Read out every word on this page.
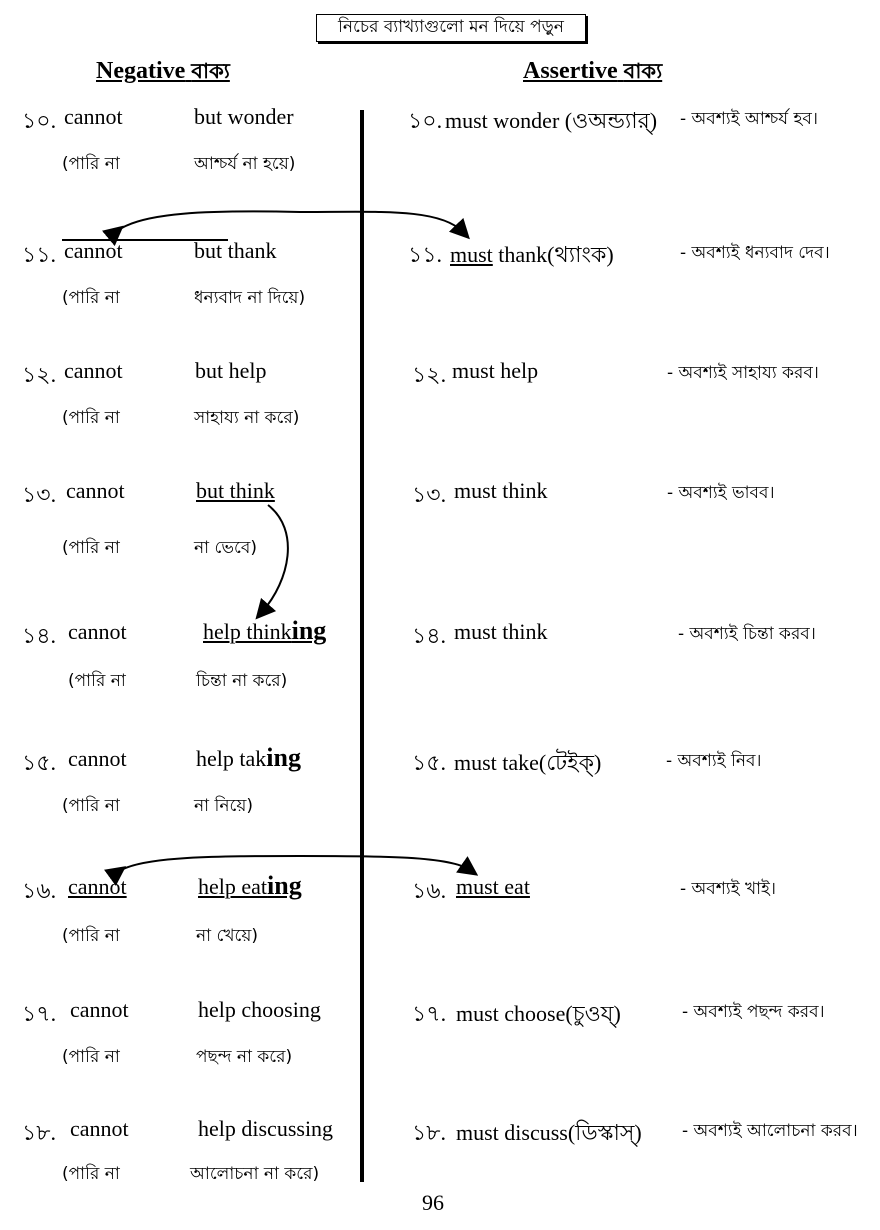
নিচের ব্যাখ্যাগুলো মন দিয়ে পড়ুন
Negative বাক্য	Assertive বাক্য
১০. cannot	but wonder
(পারি না	আশ্চর্য না হয়ে)
১০. must wonder (ওঅন্ড্যার্) - অবশ্যই আশ্চর্য হব।
১১. cannot	but thank
(পারি না	ধন্যবাদ না দিয়ে)
১১. must thank(থ্যাংক)	- অবশ্যই ধন্যবাদ দেব।
১২. cannot	but help
(পারি না	সাহায্য না করে)
১২. must help	- অবশ্যই সাহায্য করব।
১৩. cannot	but think
(পারি না	না ভেবে)
১৩. must think	- অবশ্যই ভাবব।
১৪. cannot	help thinking
(পারি না	চিন্তা না করে)
১৪. must think	- অবশ্যই চিন্তা করব।
১৫. cannot	help taking
(পারি না	না নিয়ে)
১৫. must take(টেইক্)	- অবশ্যই নিব।
১৬. cannot	help eating
(পারি না	না খেয়ে)
১৬. must eat	- অবশ্যই খাই।
১৭. cannot	help choosing
(পারি না	পছন্দ না করে)
১৭. must choose(চুওয্)	- অবশ্যই পছন্দ করব।
১৮. cannot	help discussing
(পারি না	আলোচনা না করে)
১৮. must discuss(ডিস্কাস্) - অবশ্যই আলোচনা করব।
96
